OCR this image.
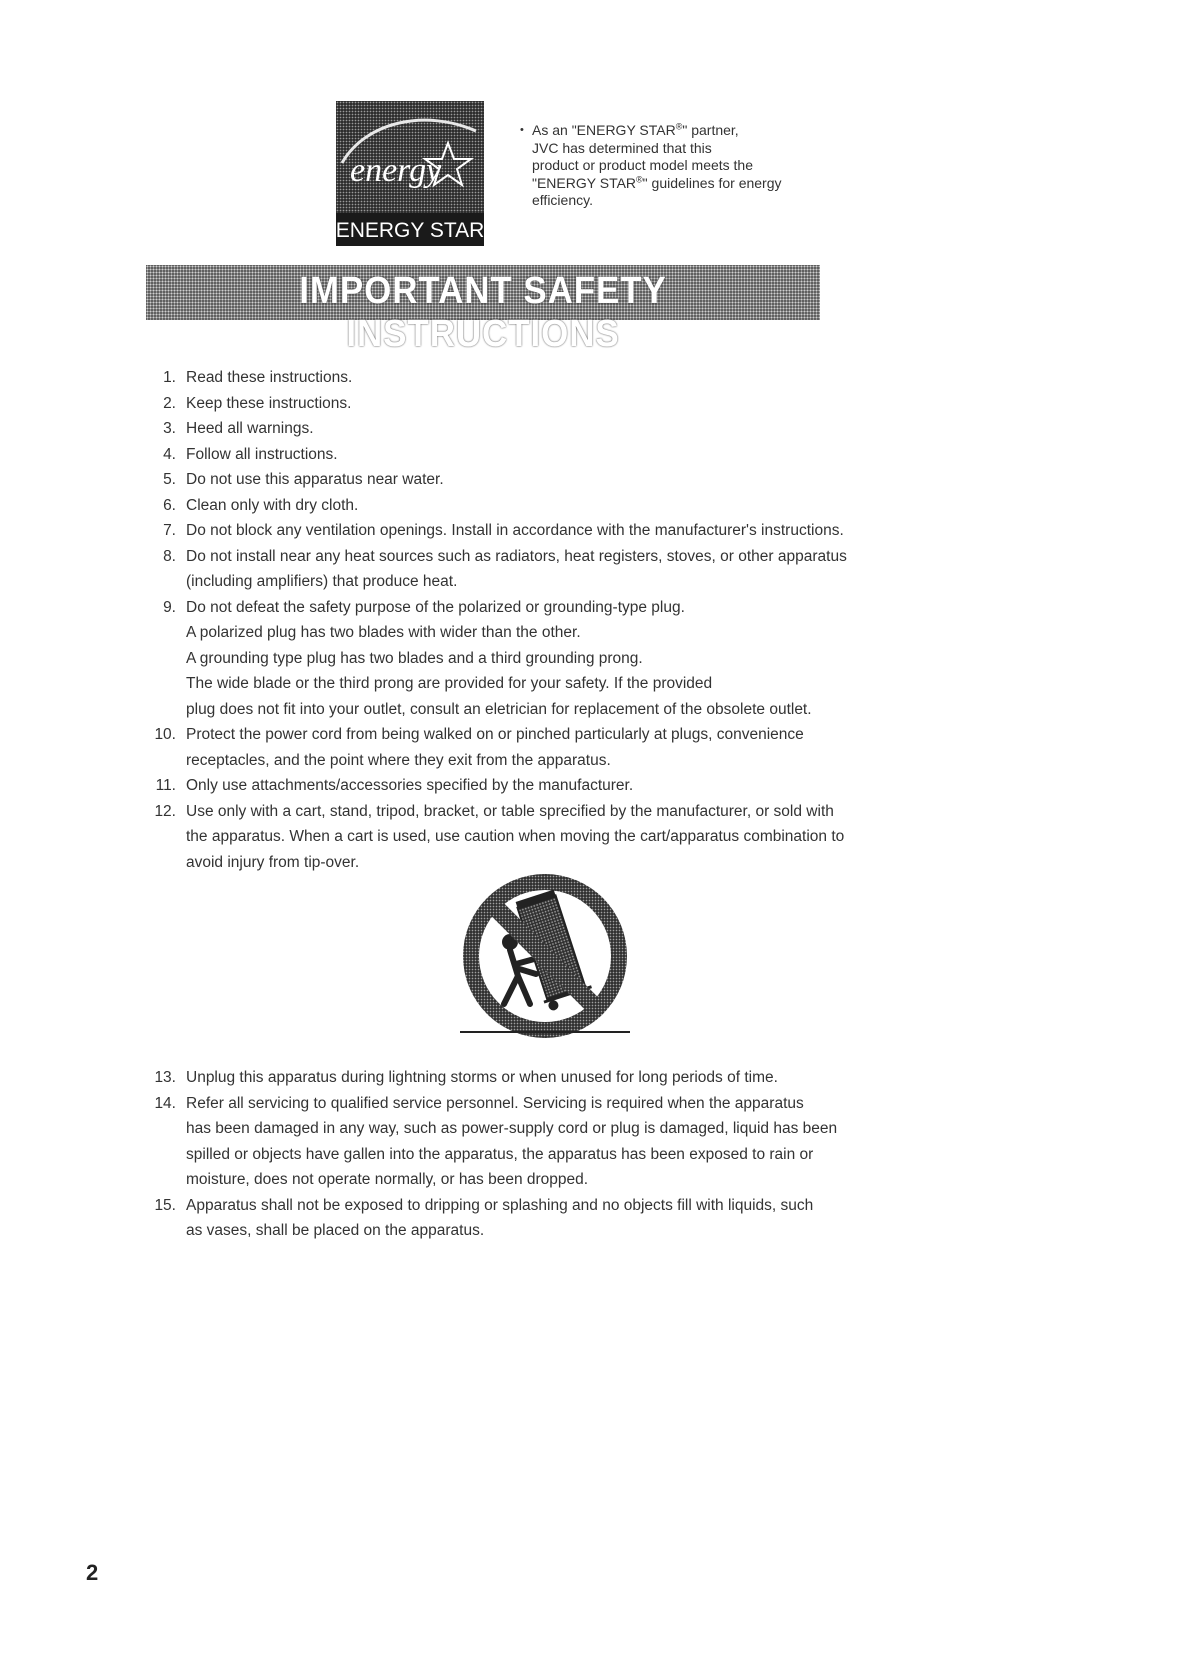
energy
ENERGY STAR
• As an "ENERGY STAR®" partner,
JVC has determined that this
product or product model meets the
"ENERGY STAR®" guidelines for energy
efficiency.
IMPORTANT SAFETY INSTRUCTIONS
1. Read these instructions.
2. Keep these instructions.
3. Heed all warnings.
4. Follow all instructions.
5. Do not use this apparatus near water.
6. Clean only with dry cloth.
7. Do not block any ventilation openings. Install in accordance with the manufacturer's instructions.
8. Do not install near any heat sources such as radiators, heat registers, stoves, or other apparatus
(including amplifiers) that produce heat.
9. Do not defeat the safety purpose of the polarized or grounding-type plug.
A polarized plug has two blades with wider than the other.
A grounding type plug has two blades and a third grounding prong.
The wide blade or the third prong are provided for your safety. If the provided
plug does not fit into your outlet, consult an eletrician for replacement of the obsolete outlet.
10. Protect the power cord from being walked on or pinched particularly at plugs, convenience
receptacles, and the point where they exit from the apparatus.
11. Only use attachments/accessories specified by the manufacturer.
12. Use only with a cart, stand, tripod, bracket, or table sprecified by the manufacturer, or sold with
the apparatus. When a cart is used, use caution when moving the cart/apparatus combination to
avoid injury from tip-over.
13. Unplug this apparatus during lightning storms or when unused for long periods of time.
14. Refer all servicing to qualified service personnel. Servicing is required when the apparatus
has been damaged in any way, such as power-supply cord or plug is damaged, liquid has been
spilled or objects have gallen into the apparatus, the apparatus has been exposed to rain or
moisture, does not operate normally, or has been dropped.
15. Apparatus shall not be exposed to dripping or splashing and no objects fill with liquids, such
as vases, shall be placed on the apparatus.
2
